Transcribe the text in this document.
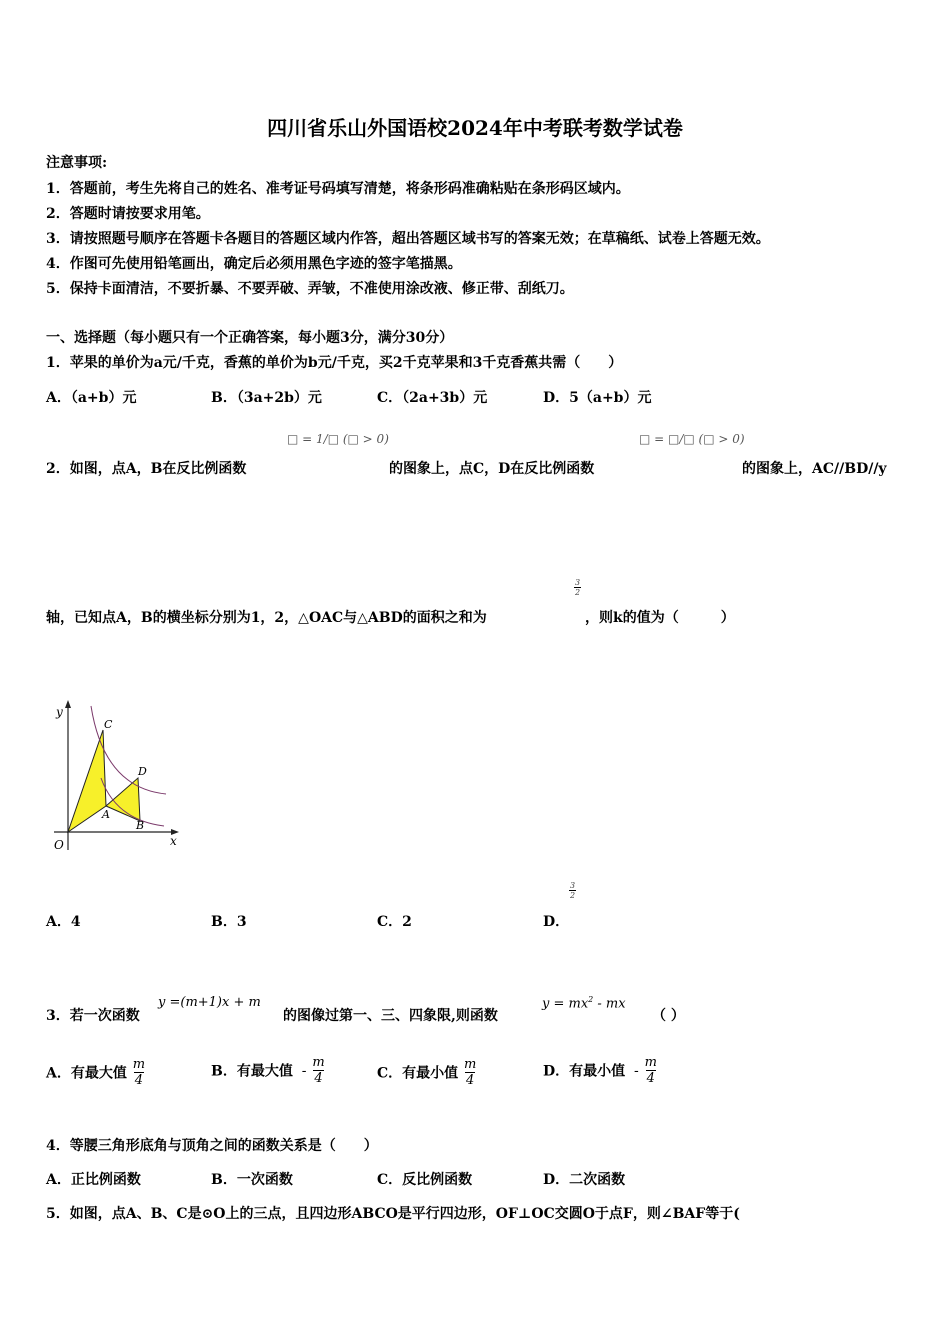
四川省乐山外国语校2024年中考联考数学试卷
注意事项:
1．答题前，考生先将自己的姓名、准考证号码填写清楚，将条形码准确粘贴在条形码区域内。
2．答题时请按要求用笔。
3．请按照题号顺序在答题卡各题目的答题区域内作答，超出答题区域书写的答案无效；在草稿纸、试卷上答题无效。
4．作图可先使用铅笔画出，确定后必须用黑色字迹的签字笔描黑。
5．保持卡面清洁，不要折暴、不要弄破、弄皱，不准使用涂改液、修正带、刮纸刀。
一、选择题（每小题只有一个正确答案，每小题3分，满分30分）
1．苹果的单价为a元/千克，香蕉的单价为b元/千克，买2千克苹果和3千克香蕉共需（　　）
A．（a+b）元	B．（3a+2b）元	C．（2a+3b）元	D．5（a+b）元
□ = 1/□ (□ > 0)	□ = □/□ (□ > 0)
2．如图，点A，B在反比例函数	的图象上，点C，D在反比例函数	的图象上，AC//BD//y
轴，已知点A，B的横坐标分别为1，2，△OAC与△ABD的面积之和为
$\frac{3}{2}$
，则k的值为（　　　）
y
x
O
A
B
C
D
A．4	B．3	C．2	D．
$\frac{3}{2}$
3．若一次函数
y =(m+1)x + m
的图像过第一、三、四象限,则函数
$y = mx^2$ - mx
（ ）
A．有最大值 $\frac{m}{4}$	B．有最大值 - $\frac{m}{4}$	C．有最小值 $\frac{m}{4}$	D．有最小值 - $\frac{m}{4}$
4．等腰三角形底角与顶角之间的函数关系是（　　）
A．正比例函数	B．一次函数	C．反比例函数	D．二次函数
5．如图，点A、B、C是⊙O上的三点，且四边形ABCO是平行四边形，OF⊥OC交圆O于点F，则∠BAF等于(
